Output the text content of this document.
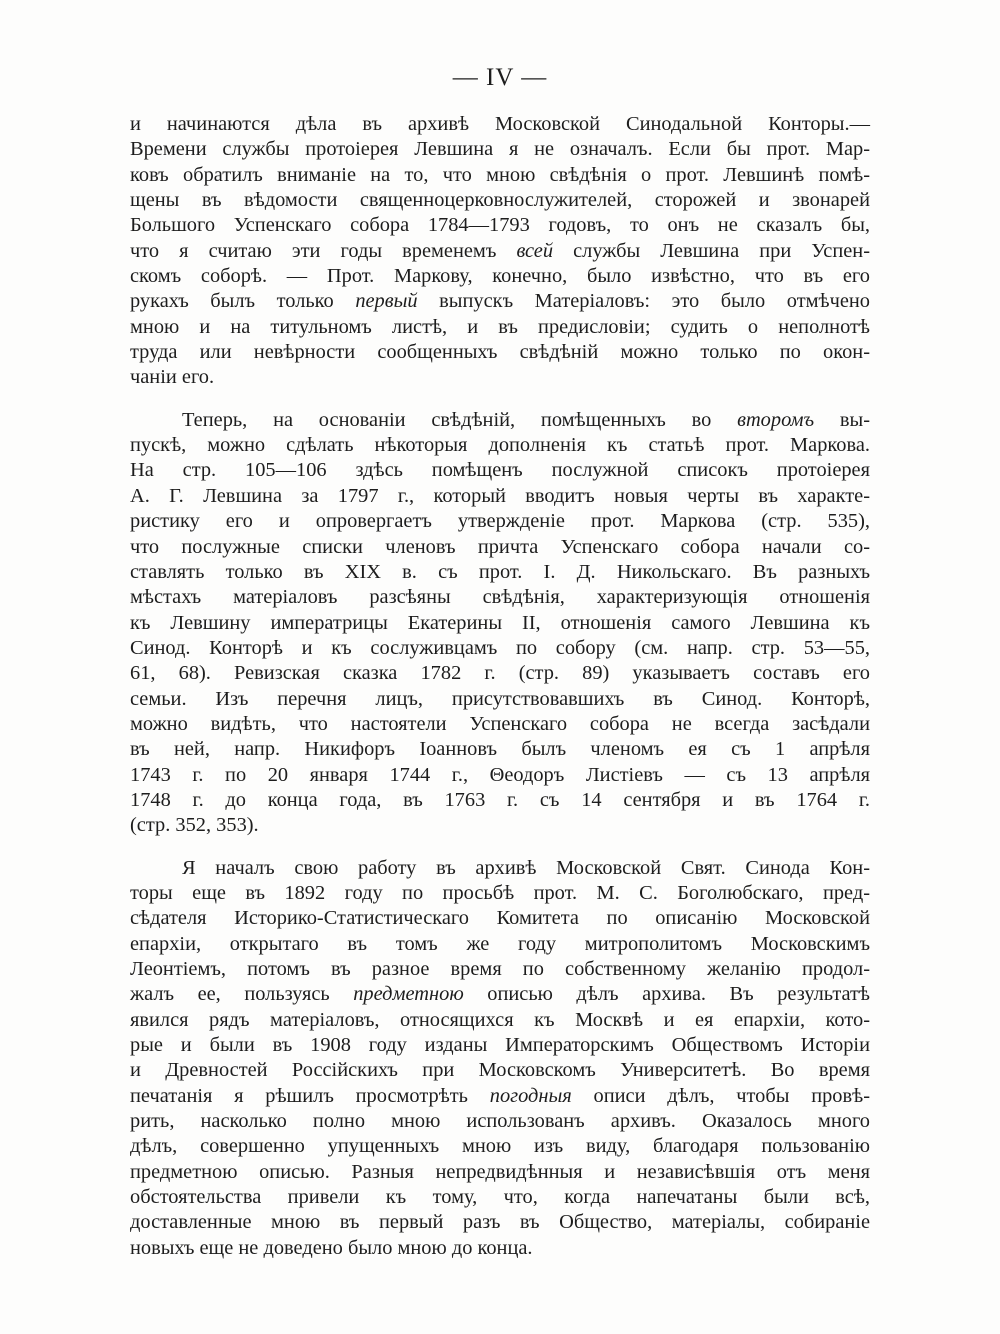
— IV —
и начинаются дѣла въ архивѣ Московской Синодальной Конторы.—
Времени службы протоіерея Левшина я не означалъ. Если бы прот. Мар-
ковъ обратилъ вниманіе на то, что мною свѣдѣнія о прот. Левшинѣ помѣ-
щены въ вѣдомости священноцерковнослужителей, сторожей и звонарей
Большого Успенскаго собора 1784—1793 годовъ, то онъ не сказалъ бы,
что я считаю эти годы временемъ всей службы Левшина при Успен-
скомъ соборѣ. — Прот. Маркову, конечно, было извѣстно, что въ его
рукахъ былъ только первый выпускъ Матеріаловъ: это было отмѣчено
мною и на титульномъ листѣ, и въ предисловіи; судить о неполнотѣ
труда или невѣрности сообщенныхъ свѣдѣній можно только по окон-
чаніи его.
Теперь, на основаніи свѣдѣній, помѣщенныхъ во второмъ вы-
пускѣ, можно сдѣлать нѣкоторыя дополненія къ статьѣ прот. Маркова.
На стр. 105—106 здѣсь помѣщенъ послужной списокъ протоіерея
А. Г. Левшина за 1797 г., который вводитъ новыя черты въ характе-
ристику его и опровергаетъ утвержденіе прот. Маркова (стр. 535),
что послужные списки членовъ причта Успенскаго собора начали со-
ставлять только въ XIX в. съ прот. І. Д. Никольскаго. Въ разныхъ
мѣстахъ матеріаловъ разсѣяны свѣдѣнія, характеризующія отношенія
къ Левшину императрицы Екатерины II, отношенія самого Левшина къ
Синод. Конторѣ и къ сослуживцамъ по собору (см. напр. стр. 53—55,
61, 68). Ревизская сказка 1782 г. (стр. 89) указываетъ составъ его
семьи. Изъ перечня лицъ, присутствовавшихъ въ Синод. Конторѣ,
можно видѣть, что настоятели Успенскаго собора не всегда засѣдали
въ ней, напр. Никифоръ Іоанновъ былъ членомъ ея съ 1 апрѣля
1743 г. по 20 января 1744 г., Θеодоръ Листіевъ — съ 13 апрѣля
1748 г. до конца года, въ 1763 г. съ 14 сентября и въ 1764 г.
(стр. 352, 353).
Я началъ свою работу въ архивѣ Московской Свят. Синода Кон-
торы еще въ 1892 году по просьбѣ прот. М. С. Боголюбскаго, пред-
сѣдателя Историко-Статистическаго Комитета по описанію Московской
епархіи, открытаго въ томъ же году митрополитомъ Московскимъ
Леонтіемъ, потомъ въ разное время по собственному желанію продол-
жалъ ее, пользуясь предметною описью дѣлъ архива. Въ результатѣ
явился рядъ матеріаловъ, относящихся къ Москвѣ и ея епархіи, кото-
рые и были въ 1908 году изданы Императорскимъ Обществомъ Исторіи
и Древностей Россійскихъ при Московскомъ Университетѣ. Во время
печатанія я рѣшилъ просмотрѣть погодныя описи дѣлъ, чтобы провѣ-
рить, насколько полно мною использованъ архивъ. Оказалось много
дѣлъ, совершенно упущенныхъ мною изъ виду, благодаря пользованію
предметною описью. Разныя непредвидѣнныя и независѣвшія отъ меня
обстоятельства привели къ тому, что, когда напечатаны были всѣ,
доставленные мною въ первый разъ въ Общество, матеріалы, собираніе
новыхъ еще не доведено было мною до конца.
